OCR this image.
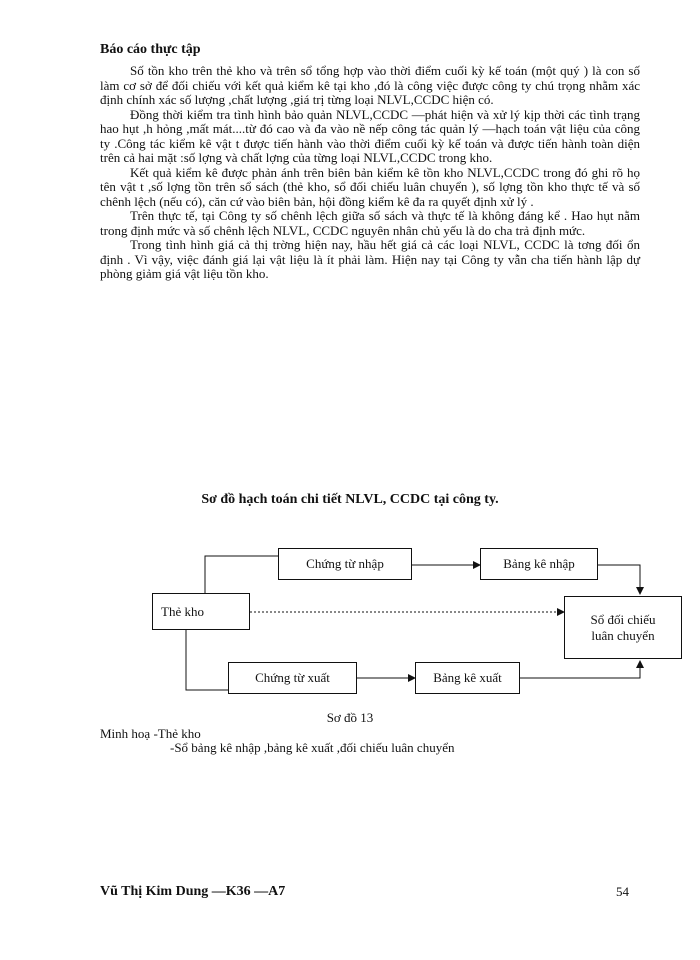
Báo cáo thực tập

Số tồn kho trên thẻ kho và trên sổ tổng hợp vào thời điểm cuối kỳ kế toán (một quý ) là con số làm cơ sở để đối chiếu với kết quả kiểm kê tại kho ,đó là công việc được công ty chú trọng nhằm xác định chính xác số lượng ,chất lượng ,giá trị từng loại NLVL,CCDC hiện có.

Đồng thời kiểm tra tình hình bảo quản NLVL,CCDC —phát hiện và xử lý kịp thời các tình trạng hao hụt ,h hỏng ,mất mát....từ đó cao và đa vào nề nếp công tác quản lý —hạch toán vật liệu của công ty .Công tác kiểm kê vật t được tiến hành vào thời điểm cuối kỳ kế toán và được tiến hành toàn diện trên cả hai mặt :số lợng và chất lợng của từng loại NLVL,CCDC trong kho.

Kết quả kiểm kê được phản ánh trên biên bản kiểm kê tồn kho NLVL,CCDC trong đó ghi rõ họ tên vật t ,số lợng tồn trên sổ sách (thẻ kho, sổ đối chiếu luân chuyển ), số lợng tồn kho thực tế và số chênh lệch (nếu có), căn cứ vào biên bản, hội đồng kiểm kê đa ra quyết định xử lý .

Trên thực tế, tại Công ty số chênh lệch giữa số sách và thực tế là không đáng kể . Hao hụt nằm trong định mức và số chênh lệch NLVL, CCDC nguyên nhân chủ yếu là do cha trả định mức.

Trong tình hình giá cả thị trờng hiện nay, hầu hết giá cả các loại NLVL, CCDC là tơng đối ổn định . Vì vậy, việc đánh giá lại vật liệu là ít phải làm. Hiện nay tại Công ty vẫn cha tiến hành lập dự phòng giảm giá vật liệu tồn kho.

Sơ đồ hạch toán chi tiết NLVL, CCDC tại công ty.
Chứng từ nhập	Bảng kê nhập
Thẻ kho
Sổ đối chiếu luân chuyển
Chứng từ xuất	Bảng kê xuất
Sơ đồ 13
Minh hoạ -Thẻ kho
-Sổ bảng kê nhập ,bảng kê xuất ,đối chiếu luân chuyển
Vũ Thị Kim Dung —K36 —A7	54
